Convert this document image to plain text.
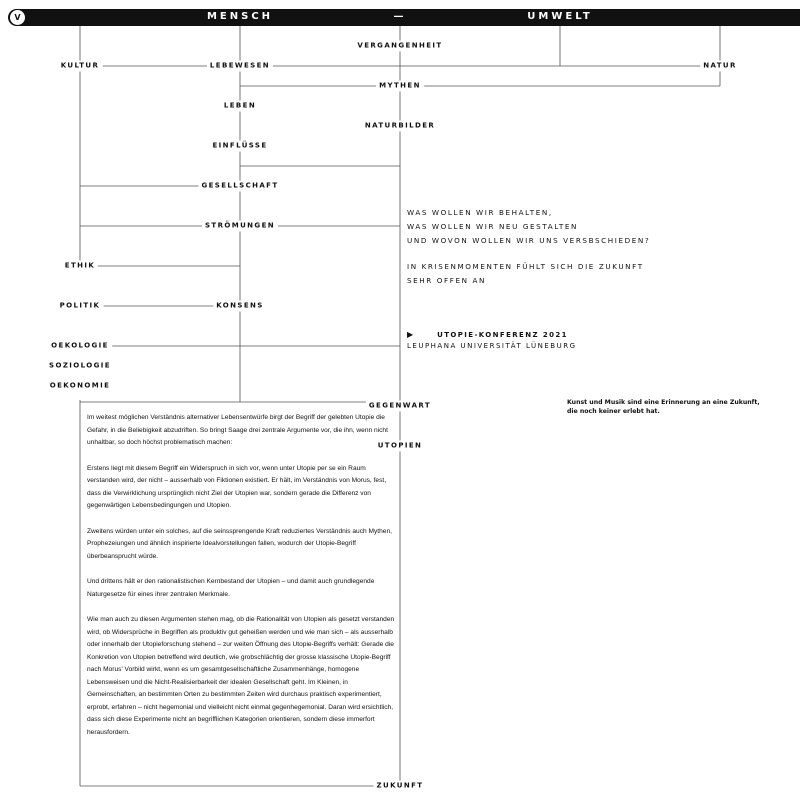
V	MENSCH	—	UMWELT
VERGANGENHEIT
KULTUR	LEBEWESEN	NATUR
MYTHEN
LEBEN
NATURBILDER
EINFLÜSSE
GESELLSCHAFT
STRÖMUNGEN
ETHIK
POLITIK	KONSENS
OEKOLOGIE
SOZIOLOGIE
OEKONOMIE
GEGENWART
UTOPIEN
ZUKUNFT
WAS WOLLEN WIR BEHALTEN,
WAS WOLLEN WIR NEU GESTALTEN
UND WOVON WOLLEN WIR UNS VERSBSCHIEDEN?
IN KRISENMOMENTEN FÜHLT SICH DIE ZUKUNFT
SEHR OFFEN AN
▶	UTOPIE-KONFERENZ 2021
LEUPHANA UNIVERSITÄT LÜNEBURG
Kunst und Musik sind eine Erinnerung an eine Zukunft, die noch keiner erlebt hat.

Im weitest möglichen Verständnis alternativer Lebensentwürfe birgt der Begriff der gelebten Utopie die Gefahr, in die Beliebigkeit abzudriften. So bringt Saage drei zentrale Argumente vor, die ihn, wenn nicht unhaltbar, so doch höchst problematisch machen:

Erstens liegt mit diesem Begriff ein Widerspruch in sich vor, wenn unter Utopie per se ein Raum verstanden wird, der nicht – ausserhalb von Fiktionen existiert. Er hält, im Verständnis von Morus, fest, dass die Verwirklichung ursprünglich nicht Ziel der Utopien war, sondern gerade die Differenz von gegenwärtigen Lebensbedingungen und Utopien.

Zweitens würden unter ein solches, auf die seinssprengende Kraft reduziertes Verständnis auch Mythen, Prophezeiungen und ähnlich inspirierte Idealvorstellungen fallen, wodurch der Utopie-Begriff überbeansprucht würde.

Und drittens hält er den rationalistischen Kernbestand der Utopien – und damit auch grundlegende Naturgesetze für eines ihrer zentralen Merkmale.

Wie man auch zu diesen Argumenten stehen mag, ob die Rationalität von Utopien als gesetzt verstanden wird, ob Widersprüche in Begriffen als produktiv gut geheißen werden und wie man sich – als ausserhalb oder innerhalb der Utopieforschung stehend – zur weiten Öffnung des Utopie-Begriffs verhält: Gerade die Konkretion von Utopien betreffend wird deutlich, wie grobschlächtig der grosse klassische Utopie-Begriff nach Morus' Vorbild wirkt, wenn es um gesamtgesellschaftliche Zusammenhänge, homogene Lebensweisen und die Nicht-Realisierbarkeit der idealen Gesellschaft geht. Im Kleinen, in Gemeinschaften, an bestimmten Orten zu bestimmten Zeiten wird durchaus praktisch experimentiert, erprobt, erfahren – nicht hegemonial und vielleicht nicht einmal gegenhegemonial. Daran wird ersichtlich, dass sich diese Experimente nicht an begrifflichen Kategorien orientieren, sondern diese immerfort herausfordern.
